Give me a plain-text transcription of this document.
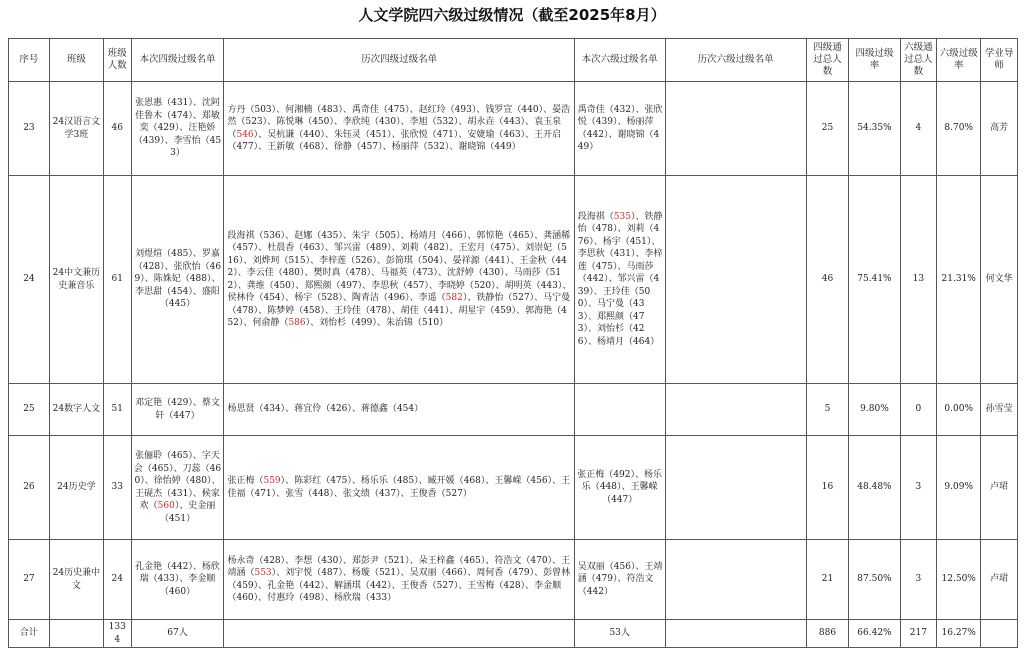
人文学院四六级过级情况（截至2025年8月）
序号	班级	班级人数	本次四级过级名单	历次四级过级名单	本次六级过级名单	历次六级过级名单	四级通过总人数	四级过级率	六级通过总人数	六级过级率	学业导师
23	24汉语言文学3班	46	张恩惠（431）、沈阿佳鲁木（474）、郑敏奕（429）、汪艳娇（439）、李雪怡（453）	方丹（503）、何湘楠（483）、禹奇佳（475）、赵红玲（493）、钱罗宣（440）、晏浩然（523）、陈悦琳（450）、李欣纯（430）、李旭（532）、胡永垚（443）、袁玉泉（546）、吴杭谦（440）、朱钰灵（451）、张欣悦（471）、安婕瑜（463）、王开启（477）、王新敏（468）、徐静（457）、杨丽萍（532）、谢晓锦（449）	禹奇佳（432）、张欣悦（439）、杨丽萍（442）、谢晓锦（449）		25	54.35%	4	8.70%	高芳
24	24中文兼历史兼音乐	61	刘煜煊（485）、罗嘉（428）、张欣怡（469）、陈姝妃（488）、李思甜（454）、盛阳（445）	段海祺（536）、赵娜（435）、朱宇（505）、杨靖月（466）、郭惊艳（465）、龚涵稀（457）、杜晨香（463）、邹兴雷（489）、刘莉（482）、王宏月（475）、刘崇妃（516）、刘烨珂（515）、李梓莲（526）、彭简琪（504）、晏祥源（441）、王金秋（442）、李云佳（480）、樊时真（478）、马福英（473）、沈舒婷（430）、马雨莎（512）、龚维（450）、郑熙颜（497）、李思秋（457）、李晓婷（520）、胡明英（443）、侯林伶（454）、杨宇（528）、陶青洁（496）、李遥（582）、铁静怡（527）、马宁曼（478）、陈梦婷（458）、王玲佳（478）、胡佳（441）、胡星宇（459）、郭海艳（452）、何俞静（586）、刘怡杉（499）、朱治锦（510）	段海祺（535）、铁静怡（478）、刘莉（476）、杨宇（451）、李思秋（431）、李梓莲（475）、马雨莎（442）、邹兴雷（439）、王玲佳（500）、马宁曼（433）、郑熙颜（473）、刘怡杉（426）、杨靖月（464）		46	75.41%	13	21.31%	何文华
25	24数字人文	51	邓定艳（429）、蔡文轩（447）	杨思贤（434）、蒋宜伶（426）、蒋德鑫（454）			5	9.80%	0	0.00%	孙雪莹
26	24历史学	33	张俪聆（465）、字天会（465）、刀蕊（460）、徐怡婷（480）、王砚杰（431）、候家欢（560）、史金丽（451）	张正梅（559）、陈彩红（475）、杨乐乐（485）、臧开媛（468）、王馨嵘（456）、王佳福（471）、张雪（448）、张文绩（437）、王俊香（527）	张正梅（492）、杨乐乐（448）、王馨嵘（447）		16	48.48%	3	9.09%	卢珺
27	24历史兼中文	24	孔金艳（442）、杨欣瑞（433）、李金顺（460）	杨永奇（428）、李想（430）、郑彭尹（521）、朵王梓鑫（465）、符浩文（470）、王靖涵（553）、刘宇悦（487）、杨璇（521）、吴双丽（466）、周何香（479）、彭曾林（459）、孔金艳（442）、解涵琪（442）、王俊香（527）、王雪梅（428）、李金顺（460）、付惠玲（498）、杨欣瑞（433）	吴双丽（456）、王靖涵（479）、符浩文（442）		21	87.50%	3	12.50%	卢珺
合计		1334	67人		53人		886	66.42%	217	16.27%	
